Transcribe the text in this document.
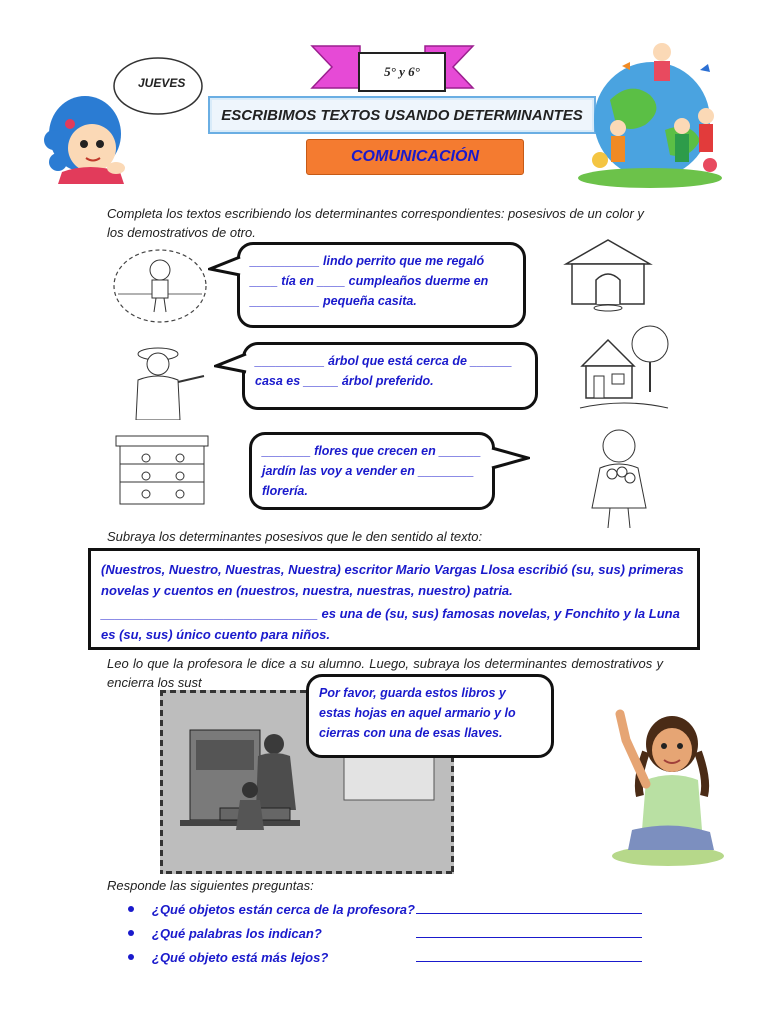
JUEVES
5° y 6°
ESCRIBIMOS TEXTOS USANDO DETERMINANTES
COMUNICACIÓN
Completa los textos escribiendo los determinantes correspondientes: posesivos de un color y los demostrativos de otro.
__________ lindo perrito que me regaló ____ tía en ____ cumpleaños duerme en __________ pequeña casita.
__________ árbol que está cerca de ______ casa es _____ árbol preferido.
_______ flores que crecen en ______ jardín las voy a vender en ________ florería.
Subraya los determinantes posesivos que le den sentido al texto:
(Nuestros, Nuestro, Nuestras, Nuestra) escritor Mario Vargas Llosa escribió (su, sus) primeras novelas y cuentos en (nuestros, nuestra, nuestras, nuestro) patria.
______________________________ es una de (su, sus) famosas novelas, y Fonchito y la Luna es (su, sus) único cuento para niños.
Leo lo que la profesora le dice a su alumno. Luego, subraya los determinantes demostrativos y encierra los sust
Por favor, guarda estos libros y estas hojas en aquel armario y lo cierras con una de esas llaves.
Responde las siguientes preguntas:
¿Qué objetos están cerca de la profesora?
¿Qué palabras los indican?
¿Qué objeto está más lejos?
